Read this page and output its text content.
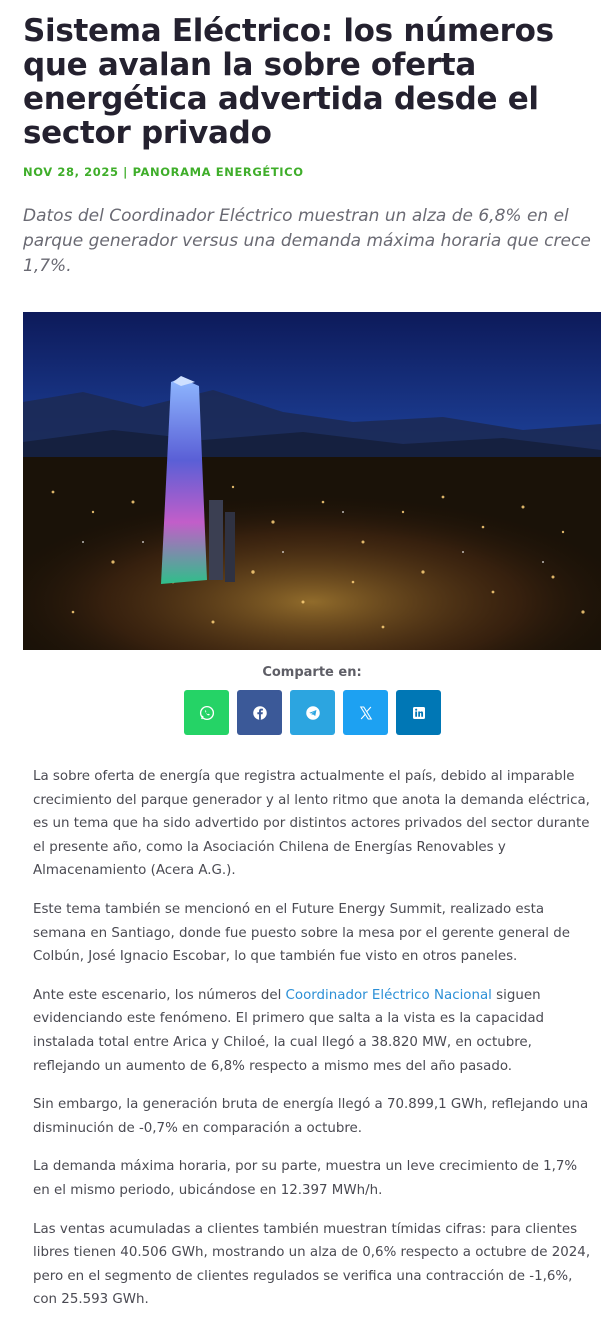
Sistema Eléctrico: los números que avalan la sobre oferta energética advertida desde el sector privado
NOV 28, 2025 | PANORAMA ENERGÉTICO

Datos del Coordinador Eléctrico muestran un alza de 6,8% en el parque generador versus una demanda máxima horaria que crece 1,7%.

Comparte en:

La sobre oferta de energía que registra actualmente el país, debido al imparable crecimiento del parque generador y al lento ritmo que anota la demanda eléctrica, es un tema que ha sido advertido por distintos actores privados del sector durante el presente año, como la Asociación Chilena de Energías Renovables y Almacenamiento (Acera A.G.).

Este tema también se mencionó en el Future Energy Summit, realizado esta semana en Santiago, donde fue puesto sobre la mesa por el gerente general de Colbún, José Ignacio Escobar, lo que también fue visto en otros paneles.

Ante este escenario, los números del Coordinador Eléctrico Nacional siguen evidenciando este fenómeno. El primero que salta a la vista es la capacidad instalada total entre Arica y Chiloé, la cual llegó a 38.820 MW, en octubre, reflejando un aumento de 6,8% respecto a mismo mes del año pasado.

Sin embargo, la generación bruta de energía llegó a 70.899,1 GWh, reflejando una disminución de -0,7% en comparación a octubre.

La demanda máxima horaria, por su parte, muestra un leve crecimiento de 1,7% en el mismo periodo, ubicándose en 12.397 MWh/h.

Las ventas acumuladas a clientes también muestran tímidas cifras: para clientes libres tienen 40.506 GWh, mostrando un alza de 0,6% respecto a octubre de 2024, pero en el segmento de clientes regulados se verifica una contracción de -1,6%, con 25.593 GWh.
